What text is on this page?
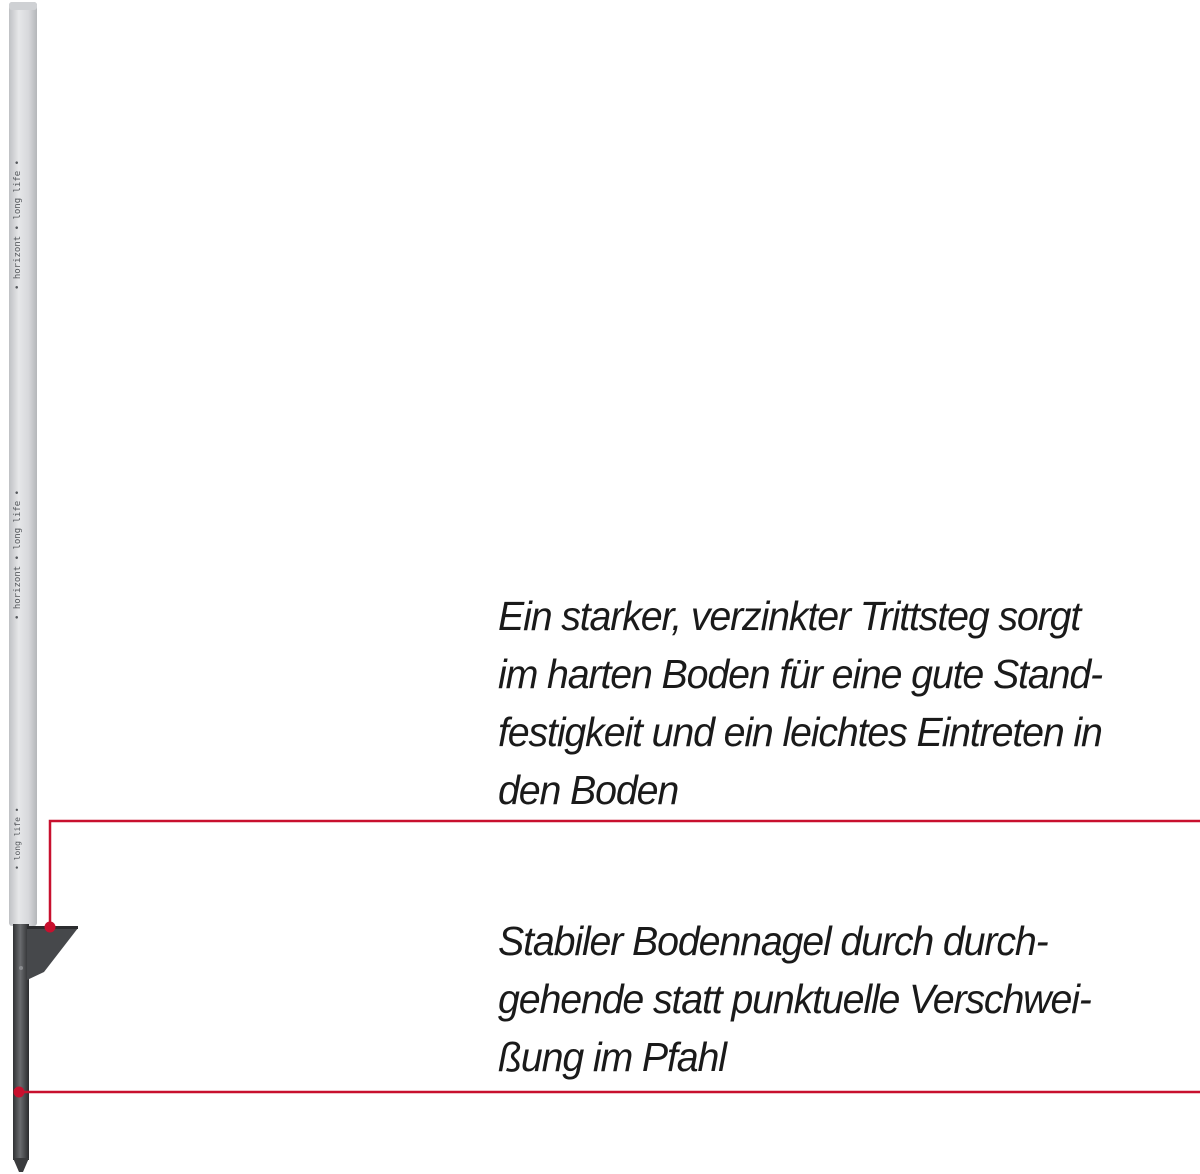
• horizont • long life •
• horizont • long life •
• long life •
Ein starker, verzinkter Trittsteg sorgt
im harten Boden für eine gute Stand-
festigkeit und ein leichtes Eintreten in
den Boden
Stabiler Bodennagel durch durch-
gehende statt punktuelle Verschwei-
ßung im Pfahl
